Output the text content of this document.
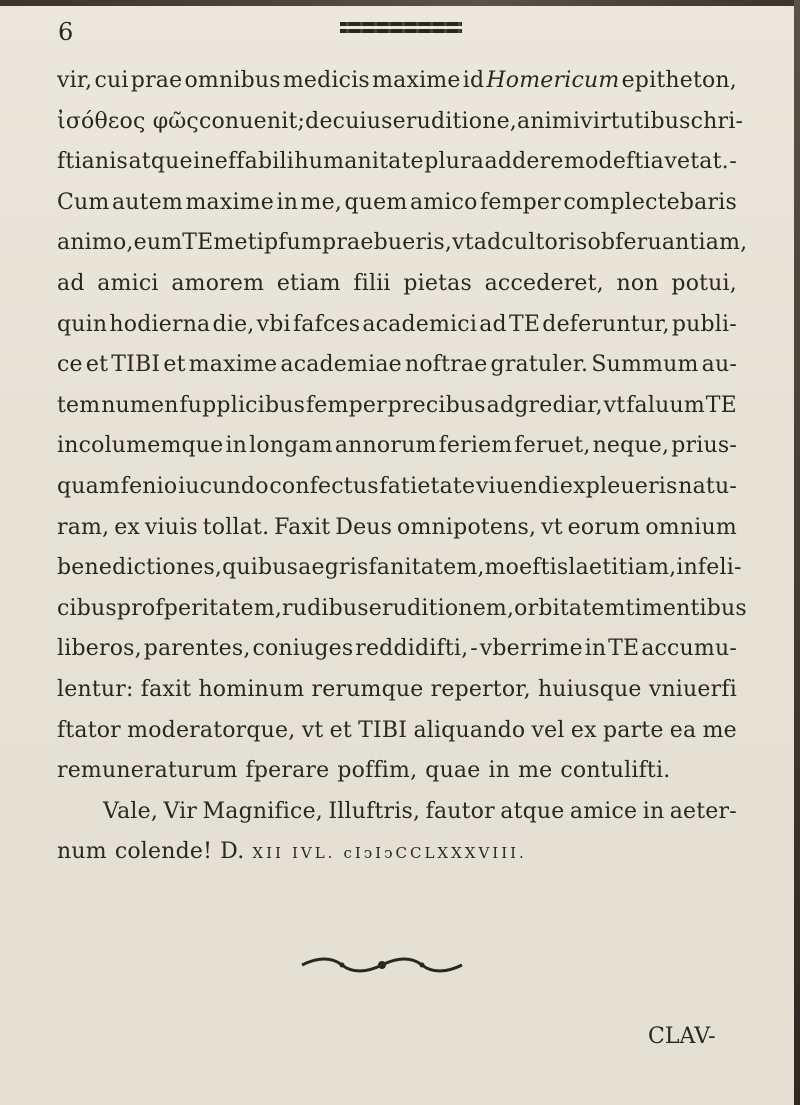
6
vir, cui prae omnibus medicis maxime id Homericum epitheton,
ἰσόθεος φῶς conuenit; de cuius eruditione, animi virtutibus chri-
ftianis atque ineffabili humanitate plura addere modeftia vetat. -
Cum autem maxime in me, quem amico femper complectebaris
animo, eum TE metipfum praebueris, vt ad cultoris obferuantiam,
ad amici amorem etiam filii pietas accederet, non potui,
quin hodierna die, vbi fafces academici ad TE deferuntur, publi-
ce et TIBI et maxime academiae noftrae gratuler. Summum au-
tem numen fupplicibus femper precibus adgrediar, vt faluum TE
incolumemque in longam annorum feriem feruet, neque, prius-
quam fenio iucundo confectus fatietate viuendi expleueris natu-
ram, ex viuis tollat. Faxit Deus omnipotens, vt eorum omnium
benedictiones, quibus aegris fanitatem, moeftis laetitiam, infeli-
cibus profperitatem, rudibus eruditionem, orbitatem timentibus
liberos, parentes, coniuges reddidifti, - vberrime in TE accumu-
lentur: faxit hominum rerumque repertor, huiusque vniuerfi
ftator moderatorque, vt et TIBI aliquando vel ex parte ea me
remuneraturum fperare poffim, quae in me contulifti.
Vale, Vir Magnifice, Illuftris, fautor atque amice in aeter-
num colende! D. XII IVL. cIↄIↄCCLXXXVIII.
CLAV-
